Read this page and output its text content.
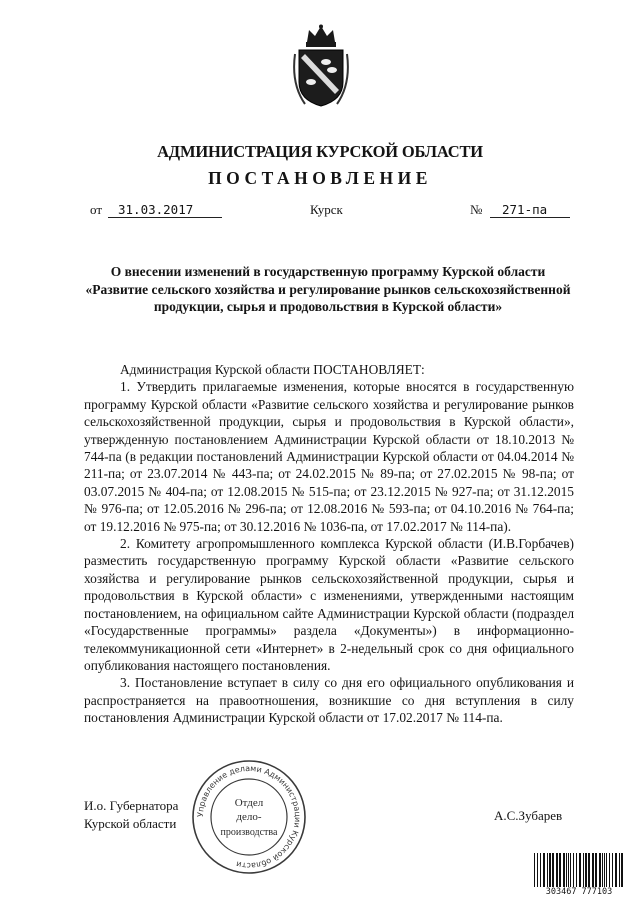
АДМИНИСТРАЦИЯ КУРСКОЙ ОБЛАСТИ
ПОСТАНОВЛЕНИЕ
от	31.03.2017	Курск	№	271-па
О внесении изменений в государственную программу Курской области «Развитие сельского хозяйства и регулирование рынков сельскохозяйственной продукции, сырья и продовольствия в Курской области»

Администрация Курской области ПОСТАНОВЛЯЕТ:

1. Утвердить прилагаемые изменения, которые вносятся в государственную программу Курской области «Развитие сельского хозяйства и регулирование рынков сельскохозяйственной продукции, сырья и продовольствия в Курской области», утвержденную постановлением Администрации Курской области от 18.10.2013 № 744-па (в редакции постановлений Администрации Курской области от 04.04.2014 № 211-па; от 23.07.2014 № 443-па; от 24.02.2015 № 89-па; от 27.02.2015 № 98-па; от 03.07.2015 № 404-па; от 12.08.2015 № 515-па; от 23.12.2015 № 927-па; от 31.12.2015 № 976-па; от 12.05.2016 № 296-па; от 12.08.2016 № 593-па; от 04.10.2016 № 764-па; от 19.12.2016 № 975-па; от 30.12.2016 № 1036-па, от 17.02.2017 № 114-па).

2. Комитету агропромышленного комплекса Курской области (И.В.Горбачев) разместить государственную программу Курской области «Развитие сельского хозяйства и регулирование рынков сельскохозяйственной продукции, сырья и продовольствия в Курской области» с изменениями, утвержденными настоящим постановлением, на официальном сайте Администрации Курской области (подраздел «Государственные программы» раздела «Документы») в информационно-телекоммуникационной сети «Интернет» в 2-недельный срок со дня официального опубликования настоящего постановления.

3. Постановление вступает в силу со дня его официального опубликования и распространяется на правоотношения, возникшие со дня вступления в силу постановления Администрации Курской области от 17.02.2017 № 114-па.

И.о. Губернатора
Курской области
А.С.Зубарев
Управление делами Администрации Курской области
Отдел
дело-
производства
303467 777103
